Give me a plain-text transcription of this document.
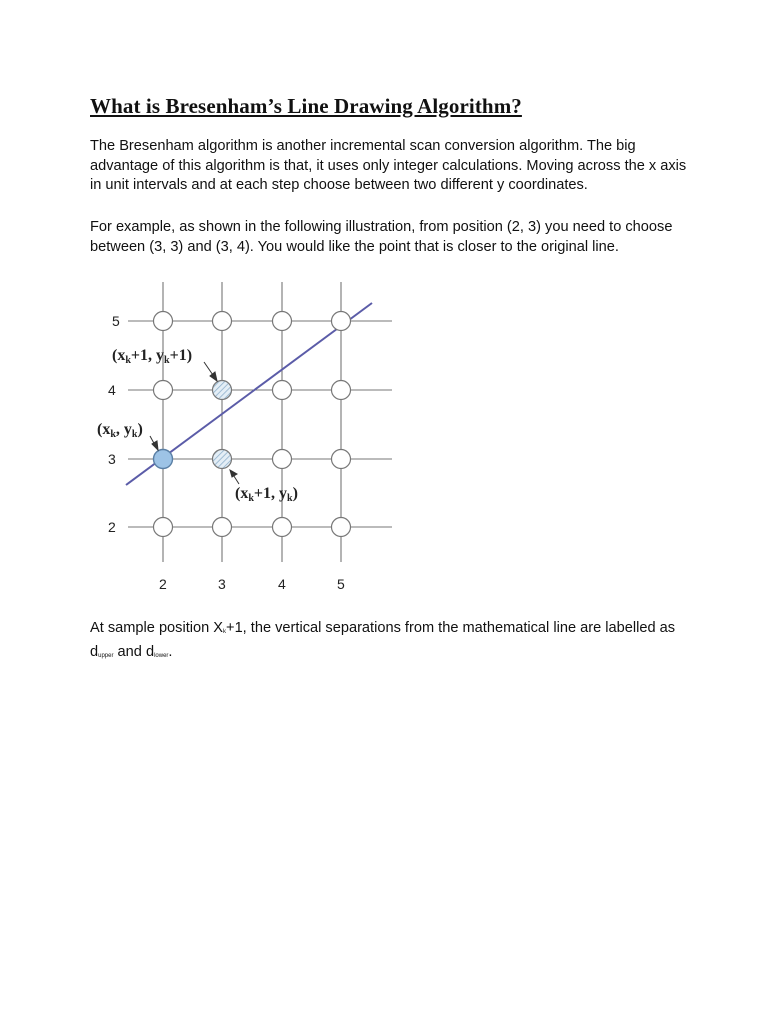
What is Bresenham’s Line Drawing Algorithm?

The Bresenham algorithm is another incremental scan conversion algorithm. The big advantage of this algorithm is that, it uses only integer calculations. Moving across the x axis in unit intervals and at each step choose between two different y coordinates.

For example, as shown in the following illustration, from position (2, 3) you need to choose between (3, 3) and (3, 4). You would like the point that is closer to the original line.

5
4
3
2
2	3	4	5
(xk+1, yk+1)
(xk, yk)
(xk+1, yk)

At sample position $X_k+1$, the vertical separations from the mathematical line are labelled as $d_{upper}$ and $d_{lower}$.
